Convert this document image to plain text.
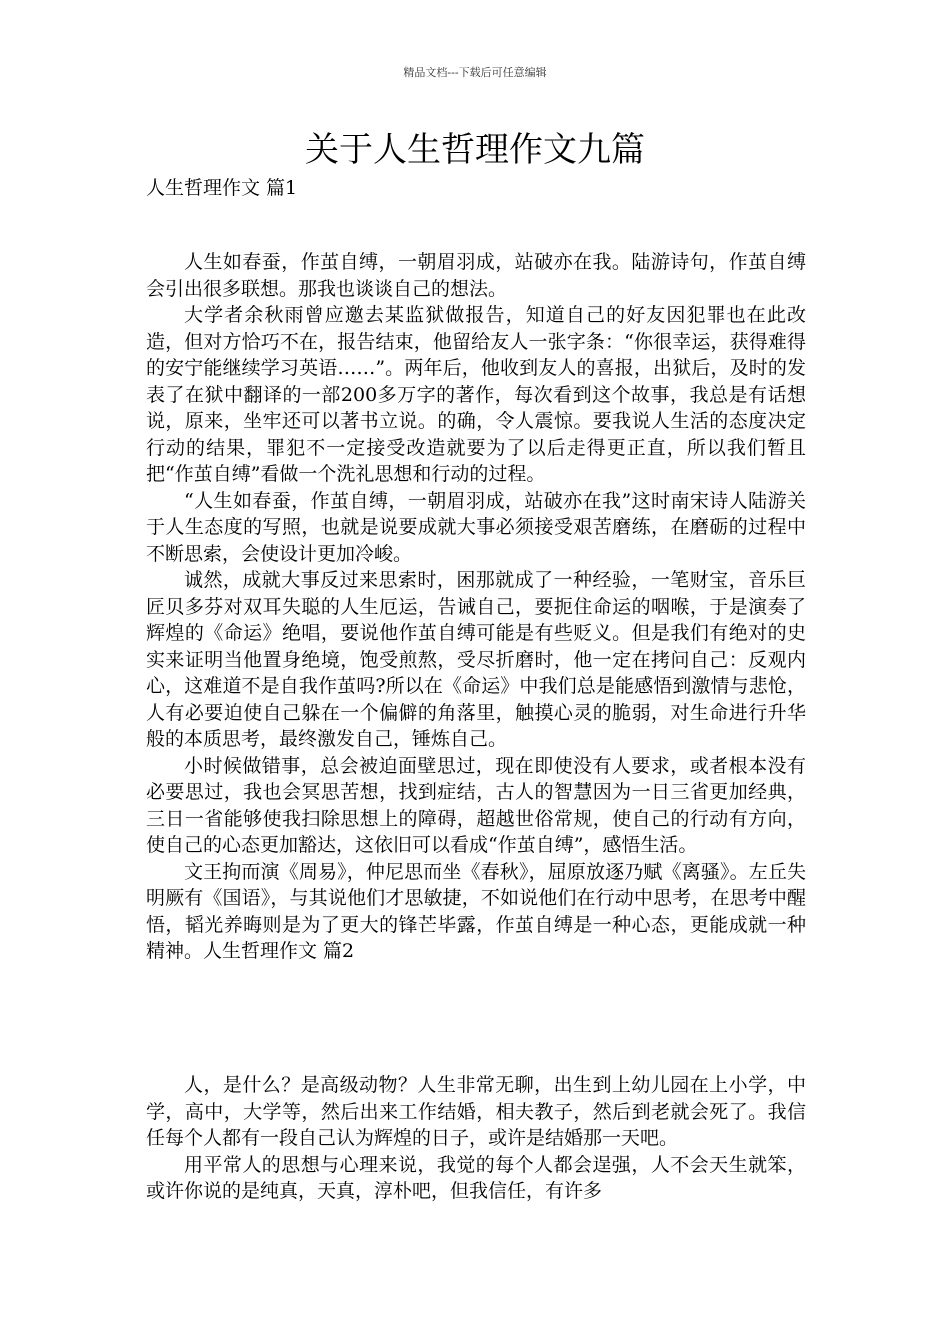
精品文档---下载后可任意编辑
关于人生哲理作文九篇
人生哲理作文 篇1

人生如春蚕，作茧自缚，一朝眉羽成，站破亦在我。陆游诗句，作茧自缚会引出很多联想。那我也谈谈自己的想法。

大学者余秋雨曾应邀去某监狱做报告，知道自己的好友因犯罪也在此改造，但对方恰巧不在，报告结束，他留给友人一张字条：“你很幸运，获得难得的安宁能继续学习英语……”。两年后，他收到友人的喜报，出狱后，及时的发表了在狱中翻译的一部200多万字的著作，每次看到这个故事，我总是有话想说，原来，坐牢还可以著书立说。的确，令人震惊。要我说人生活的态度决定行动的结果，罪犯不一定接受改造就要为了以后走得更正直，所以我们暂且把“作茧自缚”看做一个洗礼思想和行动的过程。

“人生如春蚕，作茧自缚，一朝眉羽成，站破亦在我”这时南宋诗人陆游关于人生态度的写照，也就是说要成就大事必须接受艰苦磨练，在磨砺的过程中不断思索，会使设计更加冷峻。

诚然，成就大事反过来思索时，困那就成了一种经验，一笔财宝，音乐巨匠贝多芬对双耳失聪的人生厄运，告诫自己，要扼住命运的咽喉，于是演奏了辉煌的《命运》绝唱，要说他作茧自缚可能是有些贬义。但是我们有绝对的史实来证明当他置身绝境，饱受煎熬，受尽折磨时，他一定在拷问自己：反观内心，这难道不是自我作茧吗?所以在《命运》中我们总是能感悟到激情与悲怆，人有必要迫使自己躲在一个偏僻的角落里，触摸心灵的脆弱，对生命进行升华般的本质思考，最终激发自己，锤炼自己。

小时候做错事，总会被迫面壁思过，现在即使没有人要求，或者根本没有必要思过，我也会冥思苦想，找到症结，古人的智慧因为一日三省更加经典，三日一省能够使我扫除思想上的障碍，超越世俗常规，使自己的行动有方向，使自己的心态更加豁达，这依旧可以看成“作茧自缚”，感悟生活。

文王拘而演《周易》，仲尼思而坐《春秋》，屈原放逐乃赋《离骚》。左丘失明厥有《国语》，与其说他们才思敏捷，不如说他们在行动中思考，在思考中醒悟，韬光养晦则是为了更大的锋芒毕露，作茧自缚是一种心态，更能成就一种精神。人生哲理作文 篇2

人，是什么？是高级动物？人生非常无聊，出生到上幼儿园在上小学，中学，高中，大学等，然后出来工作结婚，相夫教子，然后到老就会死了。我信任每个人都有一段自己认为辉煌的日子，或许是结婚那一天吧。

用平常人的思想与心理来说，我觉的每个人都会逞强，人不会天生就笨，或许你说的是纯真，天真，淳朴吧，但我信任，有许多
